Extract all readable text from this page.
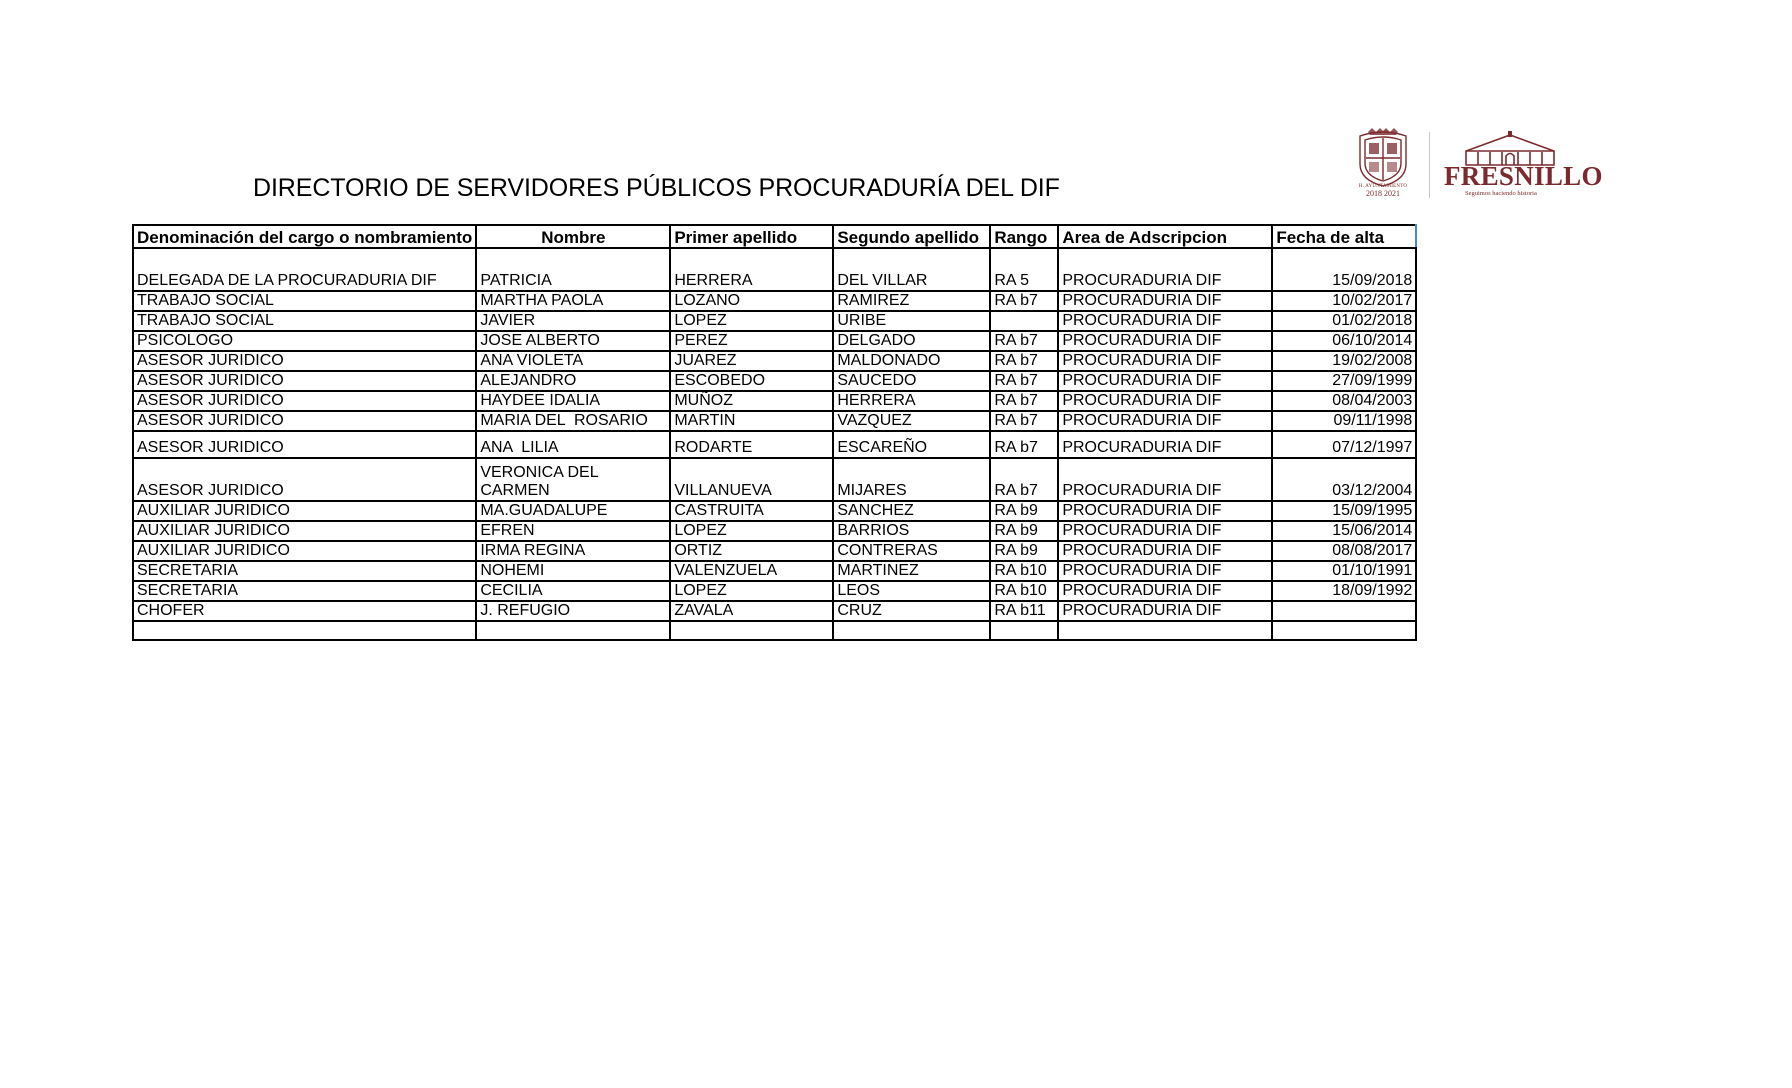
DIRECTORIO DE SERVIDORES PÚBLICOS PROCURADURÍA DEL DIF	H. AYUNTAMIENTO
2018 2021
FRESNILLO
Seguimos haciendo historia
Denominación del cargo o nombramiento	Nombre	Primer apellido	Segundo apellido	Rango	Area de Adscripcion	Fecha de alta
DELEGADA DE LA PROCURADURIA DIF	PATRICIA	HERRERA	DEL VILLAR	RA 5	PROCURADURIA DIF	15/09/2018
TRABAJO SOCIAL	MARTHA PAOLA	LOZANO	RAMIREZ	RA b7	PROCURADURIA DIF	10/02/2017
TRABAJO SOCIAL	JAVIER	LOPEZ	URIBE		PROCURADURIA DIF	01/02/2018
PSICOLOGO	JOSE ALBERTO	PEREZ	DELGADO	RA b7	PROCURADURIA DIF	06/10/2014
ASESOR JURIDICO	ANA VIOLETA	JUAREZ	MALDONADO	RA b7	PROCURADURIA DIF	19/02/2008
ASESOR JURIDICO	ALEJANDRO	ESCOBEDO	SAUCEDO	RA b7	PROCURADURIA DIF	27/09/1999
ASESOR JURIDICO	HAYDEE IDALIA	MUÑOZ	HERRERA	RA b7	PROCURADURIA DIF	08/04/2003
ASESOR JURIDICO	MARIA DEL  ROSARIO	MARTIN	VAZQUEZ	RA b7	PROCURADURIA DIF	09/11/1998
ASESOR JURIDICO	ANA  LILIA	RODARTE	ESCAREÑO	RA b7	PROCURADURIA DIF	07/12/1997
ASESOR JURIDICO	VERONICA DEL CARMEN	VILLANUEVA	MIJARES	RA b7	PROCURADURIA DIF	03/12/2004
AUXILIAR JURIDICO	MA.GUADALUPE	CASTRUITA	SANCHEZ	RA b9	PROCURADURIA DIF	15/09/1995
AUXILIAR JURIDICO	EFREN	LOPEZ	BARRIOS	RA b9	PROCURADURIA DIF	15/06/2014
AUXILIAR JURIDICO	IRMA REGINA	ORTIZ	CONTRERAS	RA b9	PROCURADURIA DIF	08/08/2017
SECRETARIA	NOHEMI	VALENZUELA	MARTINEZ	RA b10	PROCURADURIA DIF	01/10/1991
SECRETARIA	CECILIA	LOPEZ	LEOS	RA b10	PROCURADURIA DIF	18/09/1992
CHOFER	J. REFUGIO	ZAVALA	CRUZ	RA b11	PROCURADURIA DIF	
